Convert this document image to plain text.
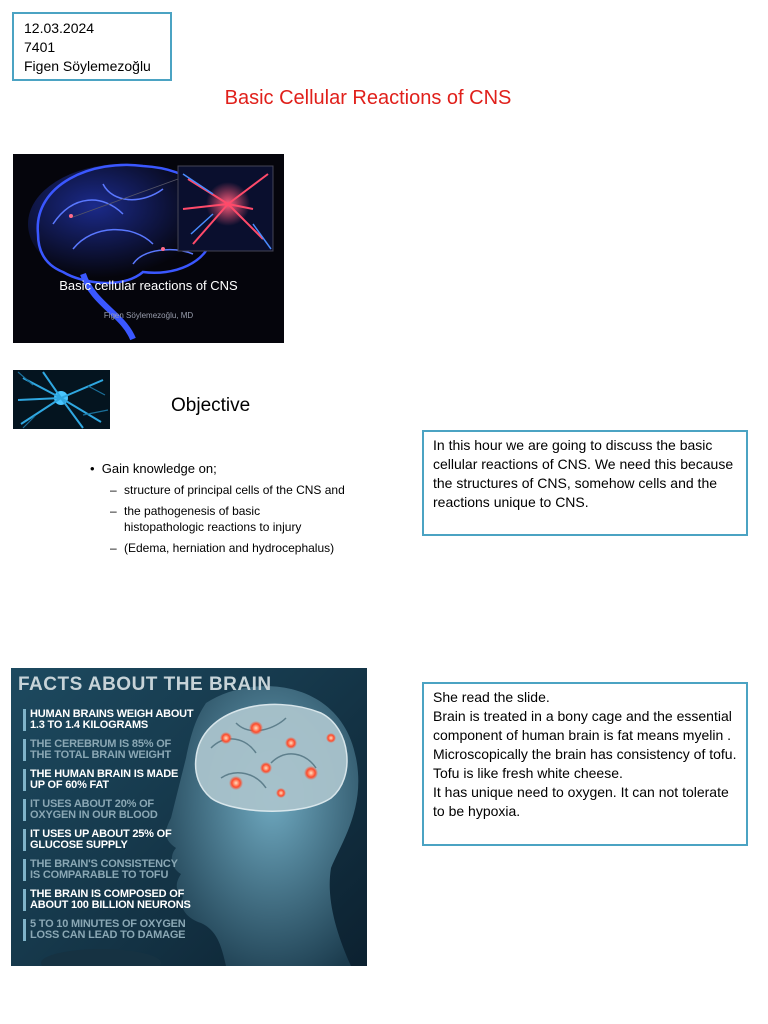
12.03.2024
7401
Figen Söylemezoğlu
Basic Cellular Reactions of CNS
Basic cellular reactions of CNS
Figen Söylemezoğlu, MD
Objective
•  Gain knowledge on;
– structure of principal cells of the CNS and
– the pathogenesis of basic histopathologic reactions to injury
– (Edema, herniation and hydrocephalus)
In this hour we are going to discuss the basic cellular reactions of CNS. We need this because the structures of CNS, somehow cells and the reactions unique to CNS.
FACTS ABOUT THE BRAIN
HUMAN BRAINS WEIGH ABOUT
1.3 TO 1.4 KILOGRAMS
THE CEREBRUM IS 85% OF
THE TOTAL BRAIN WEIGHT
THE HUMAN BRAIN IS MADE
UP OF 60% FAT
IT USES ABOUT 20% OF
OXYGEN IN OUR BLOOD
IT USES UP ABOUT 25% OF
GLUCOSE SUPPLY
THE BRAIN'S CONSISTENCY
IS COMPARABLE TO TOFU
THE BRAIN IS COMPOSED OF
ABOUT 100 BILLION NEURONS
5 TO 10 MINUTES OF OXYGEN
LOSS CAN LEAD TO DAMAGE
She read the slide.
Brain is treated in a bony cage and the essential component of human brain is fat means myelin . Microscopically the brain has consistency of tofu. Tofu is like fresh white cheese.
It has unique need to oxygen. It can not tolerate to be hypoxia.
